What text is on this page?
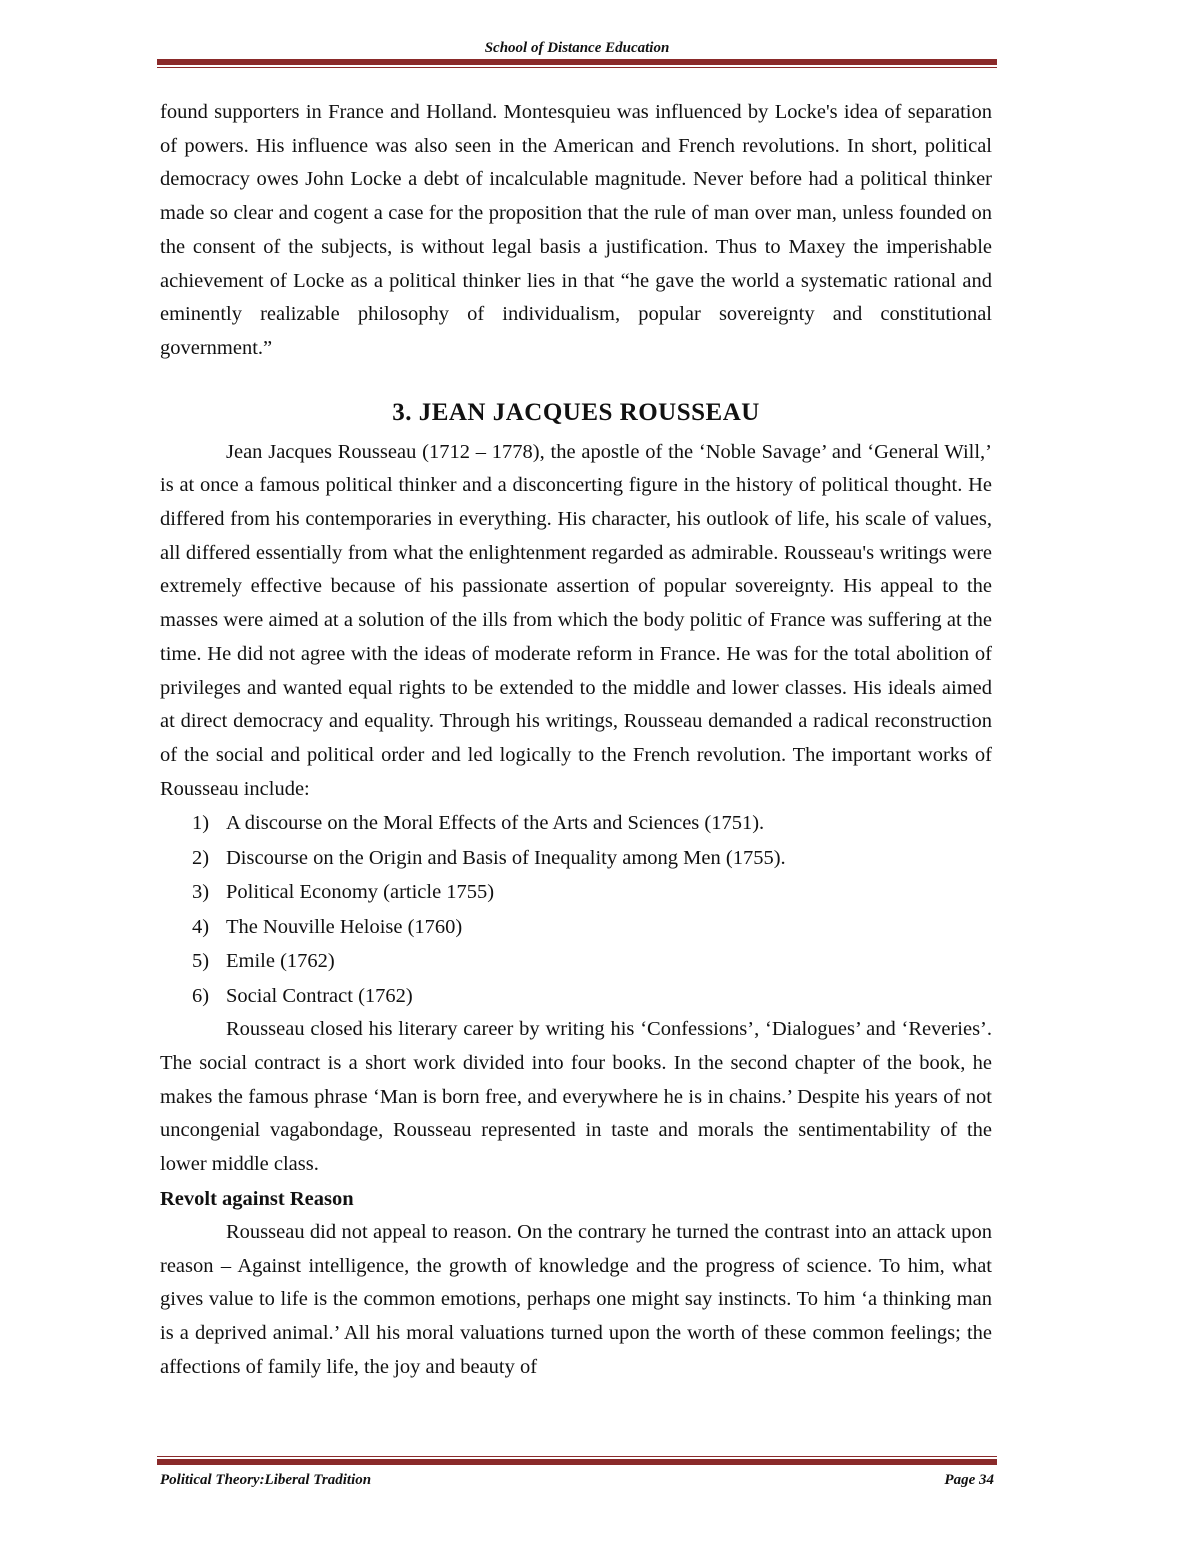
School of Distance Education

found supporters in France and Holland. Montesquieu was influenced by Locke's idea of separation of powers. His influence was also seen in the American and French revolutions. In short, political democracy owes John Locke a debt of incalculable magnitude. Never before had a political thinker made so clear and cogent a case for the proposition that the rule of man over man, unless founded on the consent of the subjects, is without legal basis a justification. Thus to Maxey the imperishable achievement of Locke as a political thinker lies in that “he gave the world a systematic rational and eminently realizable philosophy of individualism, popular sovereignty and constitutional government.”

3. JEAN JACQUES ROUSSEAU

Jean Jacques Rousseau (1712 – 1778), the apostle of the ‘Noble Savage’ and ‘General Will,’ is at once a famous political thinker and a disconcerting figure in the history of political thought. He differed from his contemporaries in everything. His character, his outlook of life, his scale of values, all differed essentially from what the enlightenment regarded as admirable. Rousseau's writings were extremely effective because of his passionate assertion of popular sovereignty. His appeal to the masses were aimed at a solution of the ills from which the body politic of France was suffering at the time. He did not agree with the ideas of moderate reform in France. He was for the total abolition of privileges and wanted equal rights to be extended to the middle and lower classes. His ideals aimed at direct democracy and equality. Through his writings, Rousseau demanded a radical reconstruction of the social and political order and led logically to the French revolution. The important works of Rousseau include:

1) A discourse on the Moral Effects of the Arts and Sciences (1751).
2) Discourse on the Origin and Basis of Inequality among Men (1755).
3) Political Economy (article 1755)
4) The Nouville Heloise (1760)
5) Emile (1762)
6) Social Contract (1762)

Rousseau closed his literary career by writing his ‘Confessions’, ‘Dialogues’ and ‘Reveries’. The social contract is a short work divided into four books. In the second chapter of the book, he makes the famous phrase ‘Man is born free, and everywhere he is in chains.’ Despite his years of not uncongenial vagabondage, Rousseau represented in taste and morals the sentimentability of the lower middle class.

Revolt against Reason

Rousseau did not appeal to reason. On the contrary he turned the contrast into an attack upon reason – Against intelligence, the growth of knowledge and the progress of science. To him, what gives value to life is the common emotions, perhaps one might say instincts. To him ‘a thinking man is a deprived animal.’ All his moral valuations turned upon the worth of these common feelings; the affections of family life, the joy and beauty of

Political Theory:Liberal Tradition	Page 34
